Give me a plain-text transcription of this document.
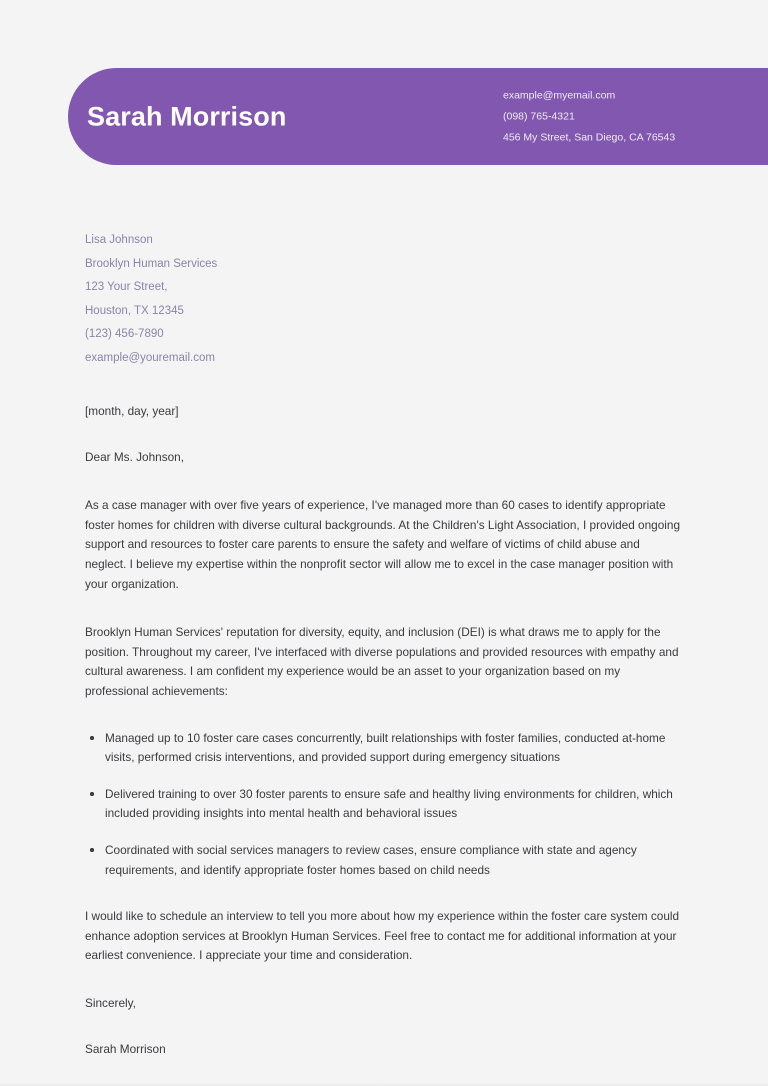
Sarah Morrison
example@myemail.com
(098) 765-4321
456 My Street, San Diego, CA 76543
Lisa Johnson
Brooklyn Human Services
123 Your Street,
Houston, TX 12345
(123) 456-7890
example@youremail.com

[month, day, year]

Dear Ms. Johnson,

As a case manager with over five years of experience, I've managed more than 60 cases to identify appropriate foster homes for children with diverse cultural backgrounds. At the Children's Light Association, I provided ongoing support and resources to foster care parents to ensure the safety and welfare of victims of child abuse and neglect. I believe my expertise within the nonprofit sector will allow me to excel in the case manager position with your organization.

Brooklyn Human Services' reputation for diversity, equity, and inclusion (DEI) is what draws me to apply for the position. Throughout my career, I've interfaced with diverse populations and provided resources with empathy and cultural awareness. I am confident my experience would be an asset to your organization based on my professional achievements:

Managed up to 10 foster care cases concurrently, built relationships with foster families, conducted at-home visits, performed crisis interventions, and provided support during emergency situations
Delivered training to over 30 foster parents to ensure safe and healthy living environments for children, which included providing insights into mental health and behavioral issues
Coordinated with social services managers to review cases, ensure compliance with state and agency requirements, and identify appropriate foster homes based on child needs

I would like to schedule an interview to tell you more about how my experience within the foster care system could enhance adoption services at Brooklyn Human Services. Feel free to contact me for additional information at your earliest convenience. I appreciate your time and consideration.

Sincerely,

Sarah Morrison
